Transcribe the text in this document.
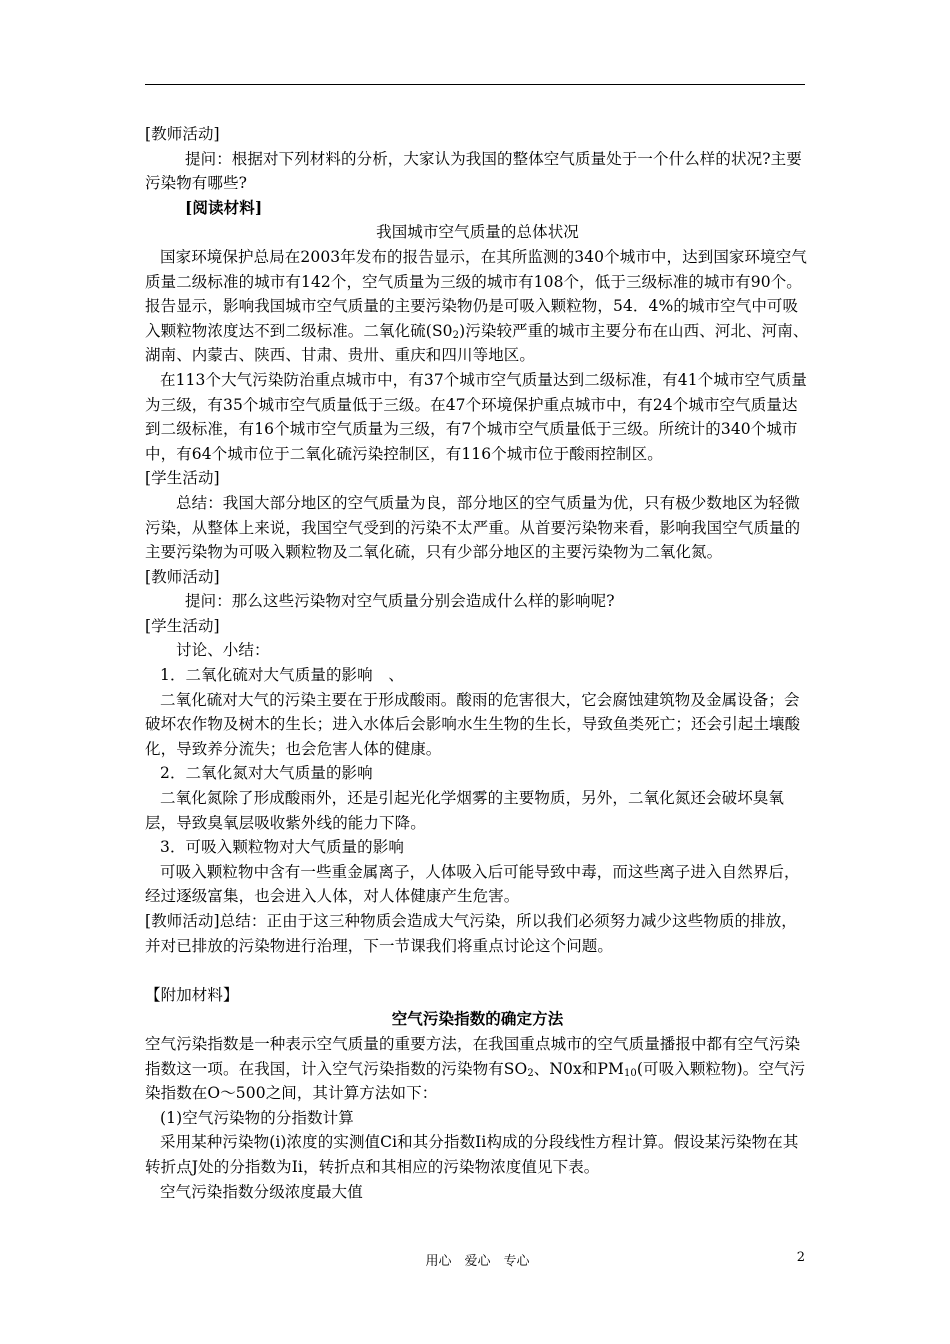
[教师活动]

提问：根据对下列材料的分析，大家认为我国的整体空气质量处于一个什么样的状况?主要污染物有哪些?

[阅读材料]

我国城市空气质量的总体状况

国家环境保护总局在2003年发布的报告显示，在其所监测的340个城市中，达到国家环境空气质量二级标准的城市有142个，空气质量为三级的城市有108个，低于三级标准的城市有90个。报告显示，影响我国城市空气质量的主要污染物仍是可吸入颗粒物，54．4%的城市空气中可吸入颗粒物浓度达不到二级标准。二氧化硫$(S0_2)$污染较严重的城市主要分布在山西、河北、河南、湖南、内蒙古、陕西、甘肃、贵卅、重庆和四川等地区。

在113个大气污染防治重点城市中，有37个城市空气质量达到二级标准，有41个城市空气质量为三级，有35个城市空气质量低于三级。在47个环境保护重点城市中，有24个城市空气质量达到二级标准，有16个城市空气质量为三级，有7个城市空气质量低于三级。所统计的340个城市中，有64个城市位于二氧化硫污染控制区，有116个城市位于酸雨控制区。

[学生活动]

总结：我国大部分地区的空气质量为良，部分地区的空气质量为优，只有极少数地区为轻微污染，从整体上来说，我国空气受到的污染不太严重。从首要污染物来看，影响我国空气质量的主要污染物为可吸入颗粒物及二氧化硫，只有少部分地区的主要污染物为二氧化氮。

[教师活动]

提问：那么这些污染物对空气质量分别会造成什么样的影响呢?

[学生活动]

讨论、小结：

1．二氧化硫对大气质量的影响　、

二氧化硫对大气的污染主要在于形成酸雨。酸雨的危害很大，它会腐蚀建筑物及金属设备；会破坏农作物及树木的生长；进入水体后会影响水生生物的生长，导致鱼类死亡；还会引起土壤酸化，导致养分流失；也会危害人体的健康。

2．二氧化氮对大气质量的影响

二氧化氮除了形成酸雨外，还是引起光化学烟雾的主要物质，另外，二氧化氮还会破坏臭氧层，导致臭氧层吸收紫外线的能力下降。

3．可吸入颗粒物对大气质量的影响

可吸入颗粒物中含有一些重金属离子，人体吸入后可能导致中毒，而这些离子进入自然界后，经过逐级富集，也会进入人体，对人体健康产生危害。

[教师活动]总结：正由于这三种物质会造成大气污染，所以我们必须努力减少这些物质的排放，并对已排放的污染物进行治理，下一节课我们将重点讨论这个问题。

【附加材料】

空气污染指数的确定方法

空气污染指数是一种表示空气质量的重要方法，在我国重点城市的空气质量播报中都有空气污染指数这一项。在我国，计入空气污染指数的污染物有$SO_2$、N0x和$PM_{10}$(可吸入颗粒物)。空气污染指数在O～500之间，其计算方法如下：

(1)空气污染物的分指数计算

采用某种污染物(i)浓度的实测值Ci和其分指数Ii构成的分段线性方程计算。假设某污染物在其转折点J处的分指数为Ii，转折点和其相应的污染物浓度值见下表。

空气污染指数分级浓度最大值

用心　爱心　专心	2
